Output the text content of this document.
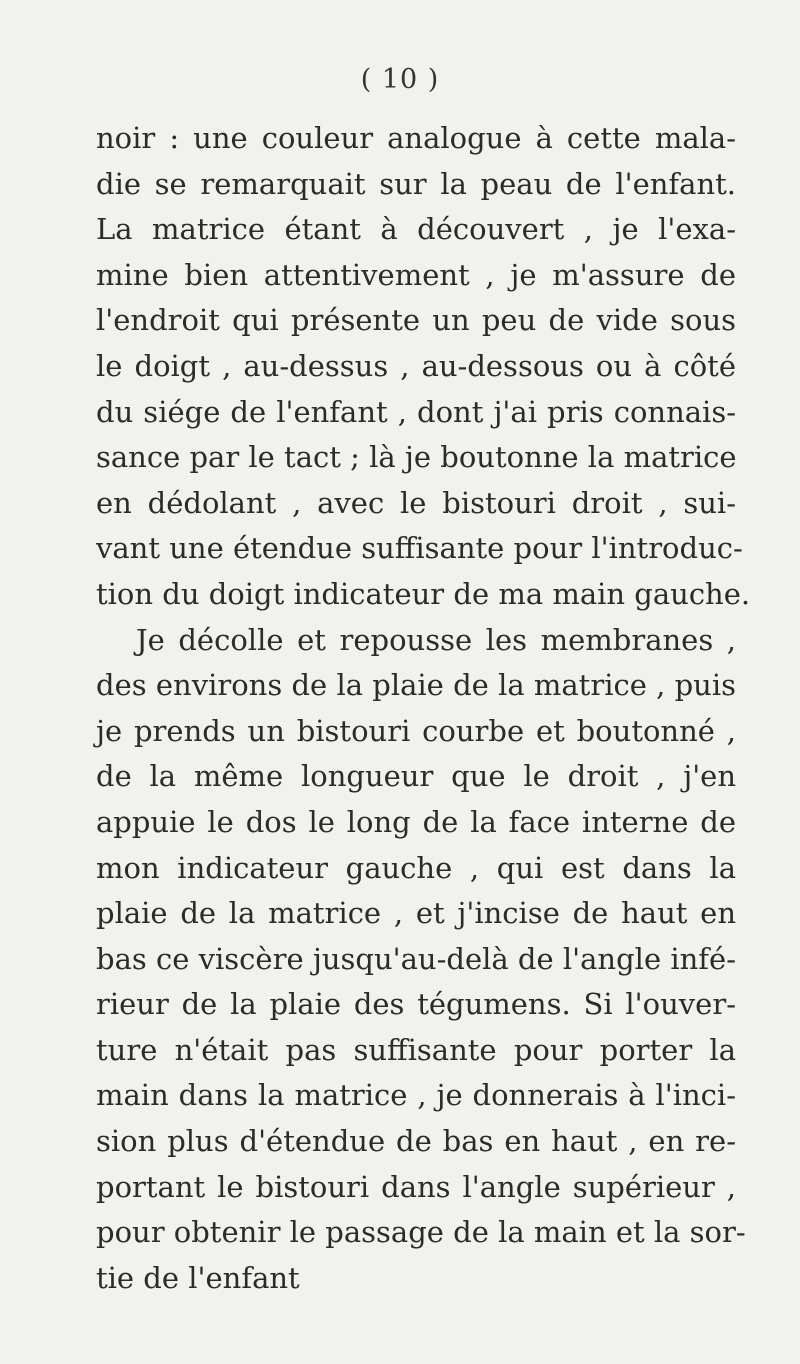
( 10 )
noir : une couleur analogue à cette mala-
die se remarquait sur la peau de l'enfant.
La matrice étant à découvert , je l'exa-
mine bien attentivement , je m'assure de
l'endroit qui présente un peu de vide sous
le doigt , au-dessus , au-dessous ou à côté
du siége de l'enfant , dont j'ai pris connais-
sance par le tact ; là je boutonne la matrice
en dédolant , avec le bistouri droit , sui-
vant une étendue suffisante pour l'introduc-
tion du doigt indicateur de ma main gauche.
Je décolle et repousse les membranes ,
des environs de la plaie de la matrice , puis
je prends un bistouri courbe et boutonné ,
de la même longueur que le droit , j'en
appuie le dos le long de la face interne de
mon indicateur gauche , qui est dans la
plaie de la matrice , et j'incise de haut en
bas ce viscère jusqu'au-delà de l'angle infé-
rieur de la plaie des tégumens. Si l'ouver-
ture n'était pas suffisante pour porter la
main dans la matrice , je donnerais à l'inci-
sion plus d'étendue de bas en haut , en re-
portant le bistouri dans l'angle supérieur ,
pour obtenir le passage de la main et la sor-
tie de l'enfant
